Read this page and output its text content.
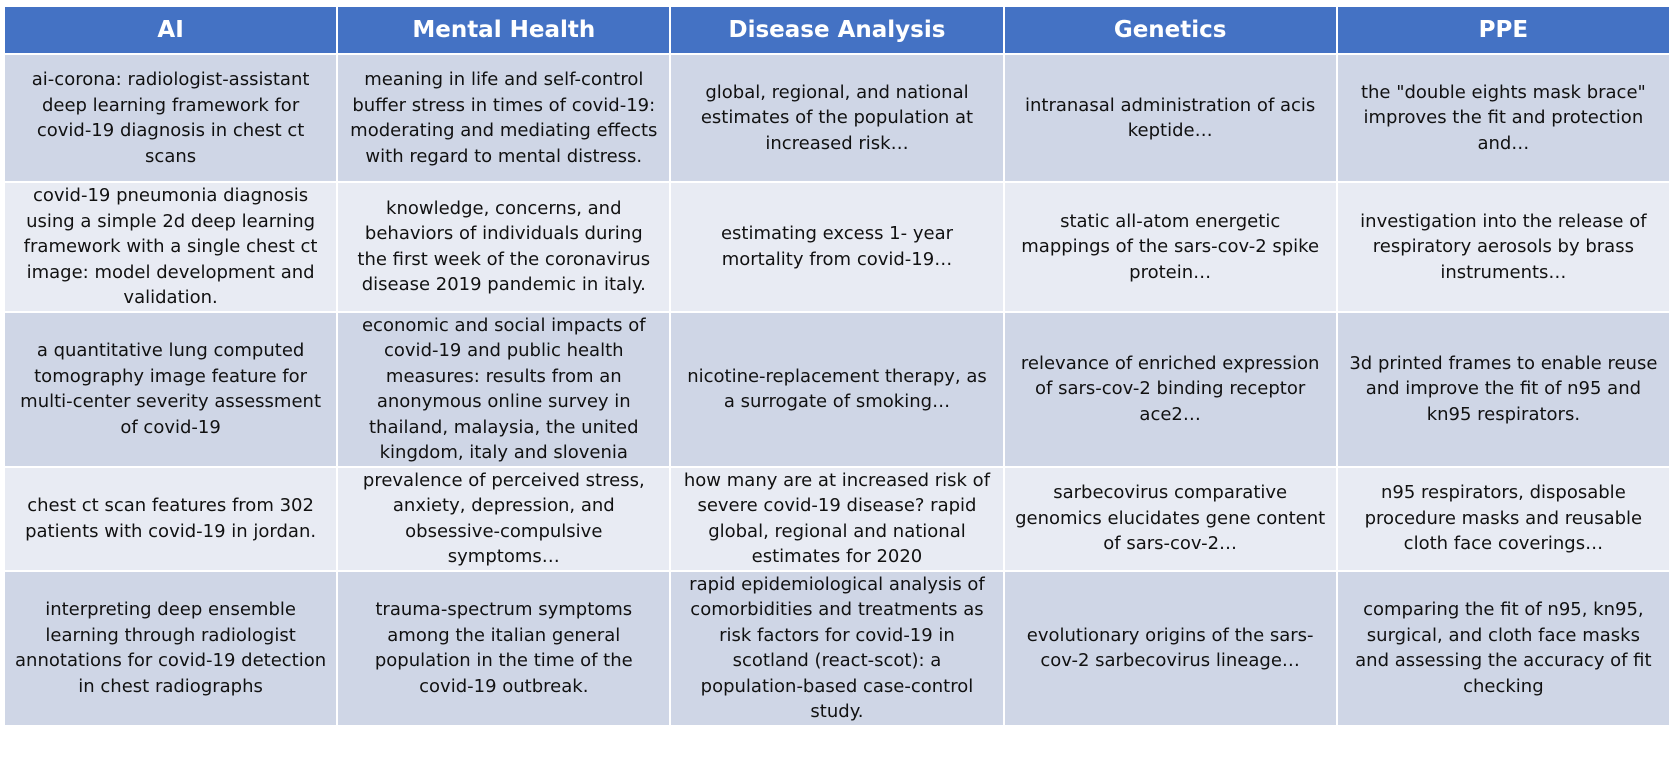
AI	Mental Health	Disease Analysis	Genetics	PPE
ai-corona: radiologist-assistant deep learning framework for covid-19 diagnosis in chest ct scans	meaning in life and self-control buffer stress in times of covid-19: moderating and mediating effects with regard to mental distress.	global, regional, and national estimates of the population at increased risk…	intranasal administration of acis keptide…	the "double eights mask brace" improves the fit and protection and…
covid-19 pneumonia diagnosis using a simple 2d deep learning framework with a single chest ct image: model development and validation.	knowledge, concerns, and behaviors of individuals during the first week of the coronavirus disease 2019 pandemic in italy.	estimating excess 1- year mortality from covid-19…	static all-atom energetic mappings of the sars-cov-2 spike protein…	investigation into the release of respiratory aerosols by brass instruments…
a quantitative lung computed tomography image feature for multi-center severity assessment of covid-19	economic and social impacts of covid-19 and public health measures: results from an anonymous online survey in thailand, malaysia, the united kingdom, italy and slovenia	nicotine-replacement therapy, as a surrogate of smoking…	relevance of enriched expression of sars-cov-2 binding receptor ace2…	3d printed frames to enable reuse and improve the fit of n95 and kn95 respirators.
chest ct scan features from 302 patients with covid-19 in jordan.	prevalence of perceived stress, anxiety, depression, and obsessive-compulsive symptoms…	how many are at increased risk of severe covid-19 disease? rapid global, regional and national estimates for 2020	sarbecovirus comparative genomics elucidates gene content of sars-cov-2…	n95 respirators, disposable procedure masks and reusable cloth face coverings…
interpreting deep ensemble learning through radiologist annotations for covid-19 detection in chest radiographs	trauma-spectrum symptoms among the italian general population in the time of the covid-19 outbreak.	rapid epidemiological analysis of comorbidities and treatments as risk factors for covid-19 in scotland (react-scot): a population-based case-control study.	evolutionary origins of the sars-cov-2 sarbecovirus lineage…	comparing the fit of n95, kn95, surgical, and cloth face masks and assessing the accuracy of fit checking
